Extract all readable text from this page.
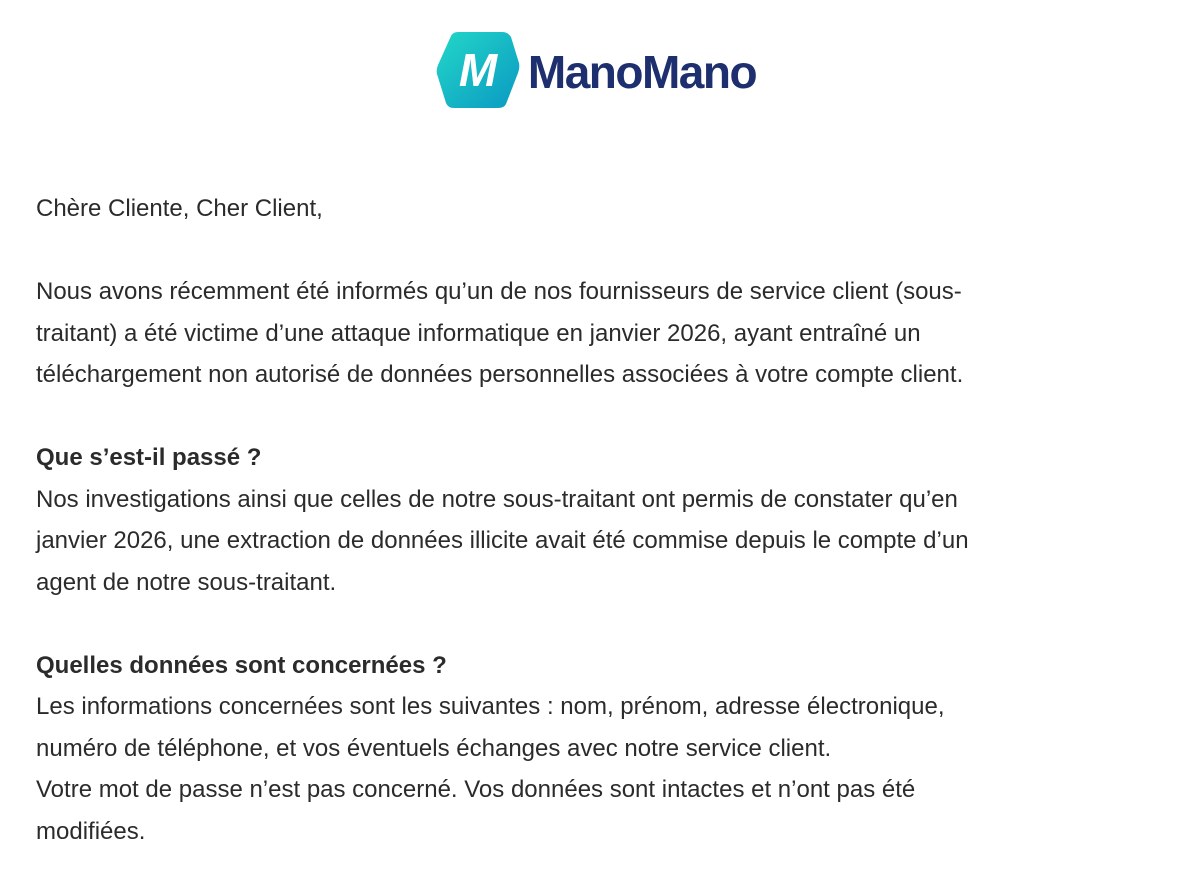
M ManoMano

Chère Cliente, Cher Client,

Nous avons récemment été informés qu’un de nos fournisseurs de service client (sous-
traitant) a été victime d’une attaque informatique en janvier 2026, ayant entraîné un
téléchargement non autorisé de données personnelles associées à votre compte client.

Que s’est-il passé ?

Nos investigations ainsi que celles de notre sous-traitant ont permis de constater qu’en
janvier 2026, une extraction de données illicite avait été commise depuis le compte d’un
agent de notre sous-traitant.

Quelles données sont concernées ?

Les informations concernées sont les suivantes : nom, prénom, adresse électronique,
numéro de téléphone, et vos éventuels échanges avec notre service client.
Votre mot de passe n’est pas concerné. Vos données sont intactes et n’ont pas été
modifiées.
